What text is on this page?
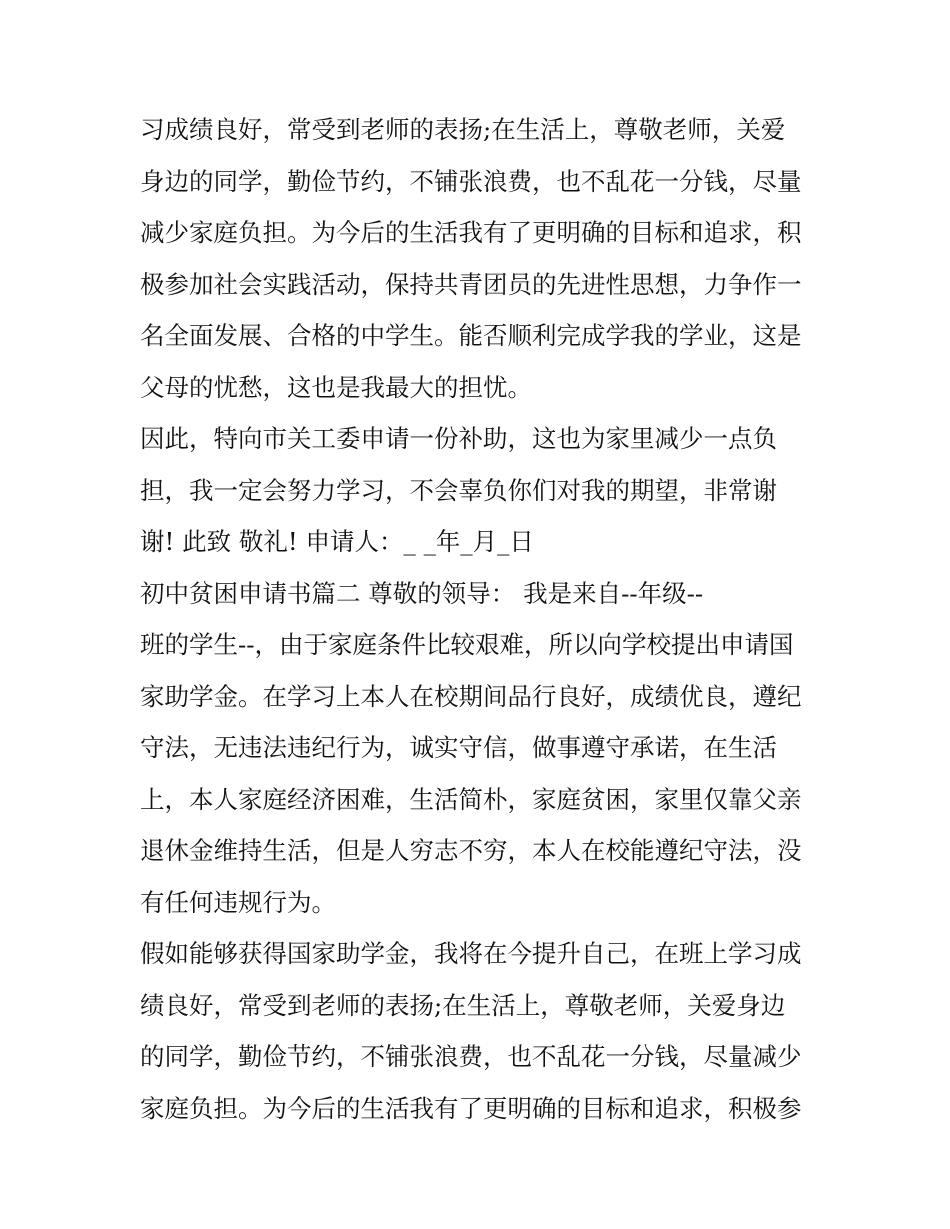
习成绩良好，常受到老师的表扬;在生活上，尊敬老师，关爱
身边的同学，勤俭节约，不铺张浪费，也不乱花一分钱，尽量
减少家庭负担。为今后的生活我有了更明确的目标和追求，积
极参加社会实践活动，保持共青团员的先进性思想，力争作一
名全面发展、合格的中学生。能否顺利完成学我的学业，这是
父母的忧愁，这也是我最大的担忧。
因此，特向市关工委申请一份补助，这也为家里减少一点负
担，我一定会努力学习，不会辜负你们对我的期望，非常谢
谢! 此致 敬礼! 申请人：_ _年_月_日
初中贫困申请书篇二 尊敬的领导： 我是来自--年级--
班的学生--，由于家庭条件比较艰难，所以向学校提出申请国
家助学金。在学习上本人在校期间品行良好，成绩优良，遵纪
守法，无违法违纪行为，诚实守信，做事遵守承诺，在生活
上，本人家庭经济困难，生活简朴，家庭贫困，家里仅靠父亲
退休金维持生活，但是人穷志不穷，本人在校能遵纪守法，没
有任何违规行为。
假如能够获得国家助学金，我将在今提升自己，在班上学习成
绩良好，常受到老师的表扬;在生活上，尊敬老师，关爱身边
的同学，勤俭节约，不铺张浪费，也不乱花一分钱，尽量减少
家庭负担。为今后的生活我有了更明确的目标和追求，积极参
